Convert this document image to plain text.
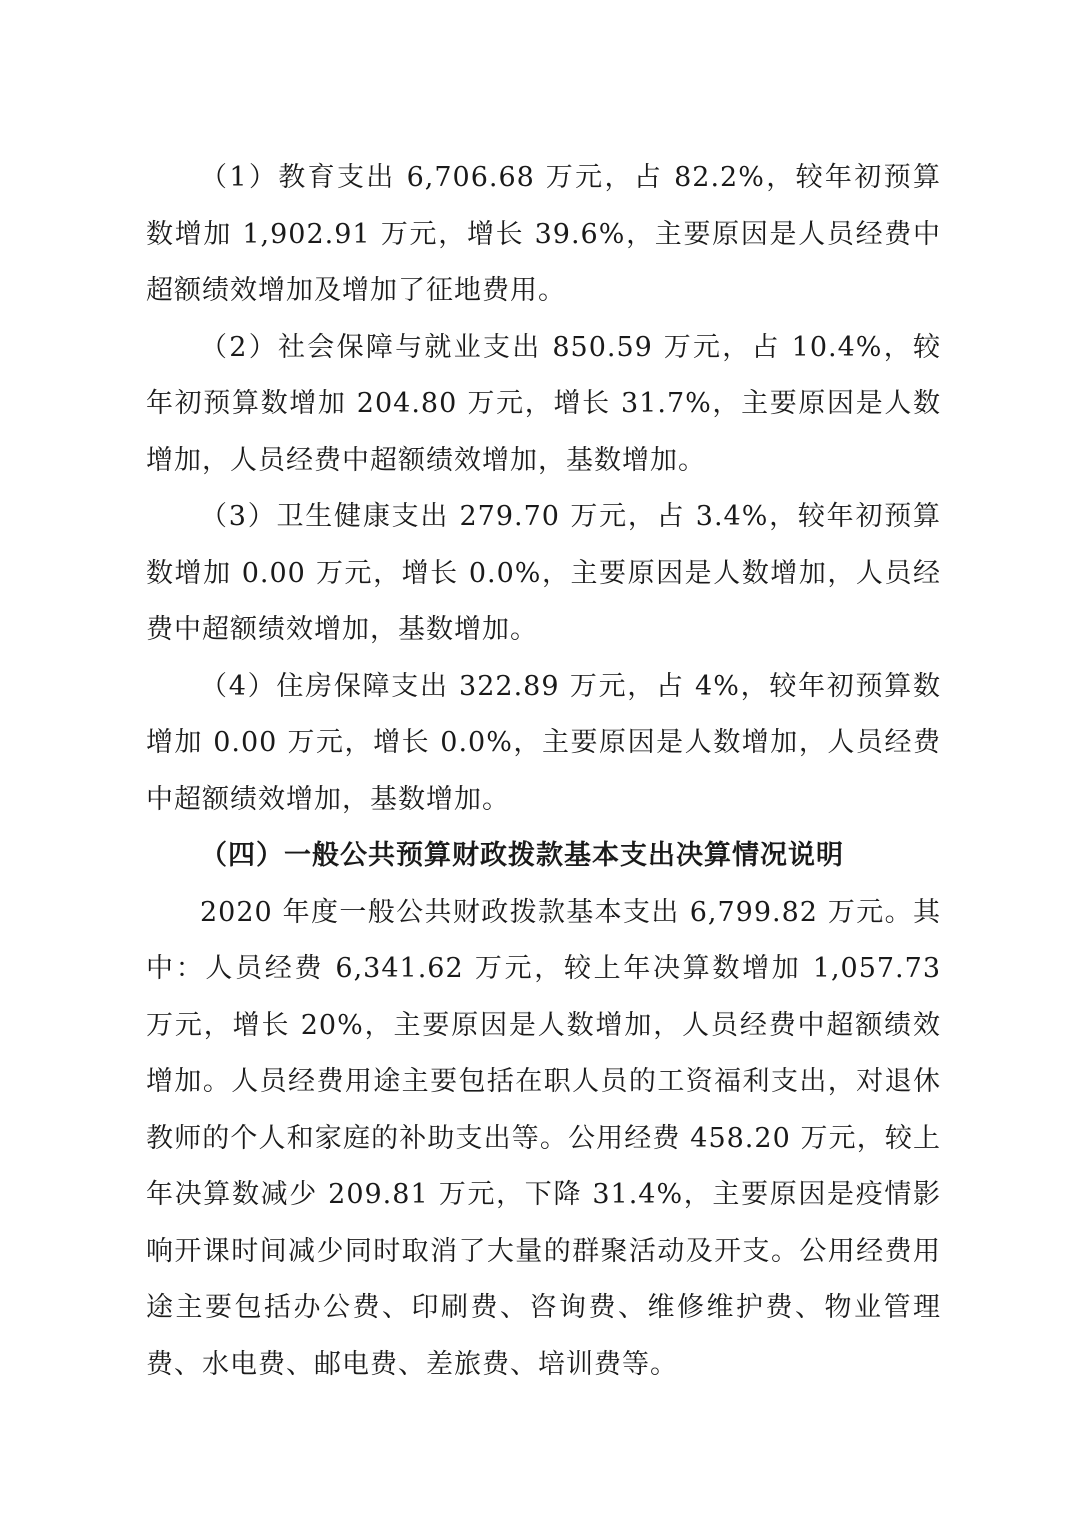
（1）教育支出 6,706.68 万元，占 82.2%，较年初预算数增加 1,902.91 万元，增长 39.6%，主要原因是人员经费中超额绩效增加及增加了征地费用。

（2）社会保障与就业支出 850.59 万元，占 10.4%，较年初预算数增加 204.80 万元，增长 31.7%，主要原因是人数增加，人员经费中超额绩效增加，基数增加。

（3）卫生健康支出 279.70 万元，占 3.4%，较年初预算数增加 0.00 万元，增长 0.0%，主要原因是人数增加，人员经费中超额绩效增加，基数增加。

（4）住房保障支出 322.89 万元，占 4%，较年初预算数增加 0.00 万元，增长 0.0%，主要原因是人数增加，人员经费中超额绩效增加，基数增加。

（四）一般公共预算财政拨款基本支出决算情况说明

2020 年度一般公共财政拨款基本支出 6,799.82 万元。其中：人员经费 6,341.62 万元，较上年决算数增加 1,057.73 万元，增长 20%，主要原因是人数增加，人员经费中超额绩效增加。人员经费用途主要包括在职人员的工资福利支出，对退休教师的个人和家庭的补助支出等。公用经费 458.20 万元，较上年决算数减少 209.81 万元，下降 31.4%，主要原因是疫情影响开课时间减少同时取消了大量的群聚活动及开支。公用经费用途主要包括办公费、印刷费、咨询费、维修维护费、物业管理费、水电费、邮电费、差旅费、培训费等。
